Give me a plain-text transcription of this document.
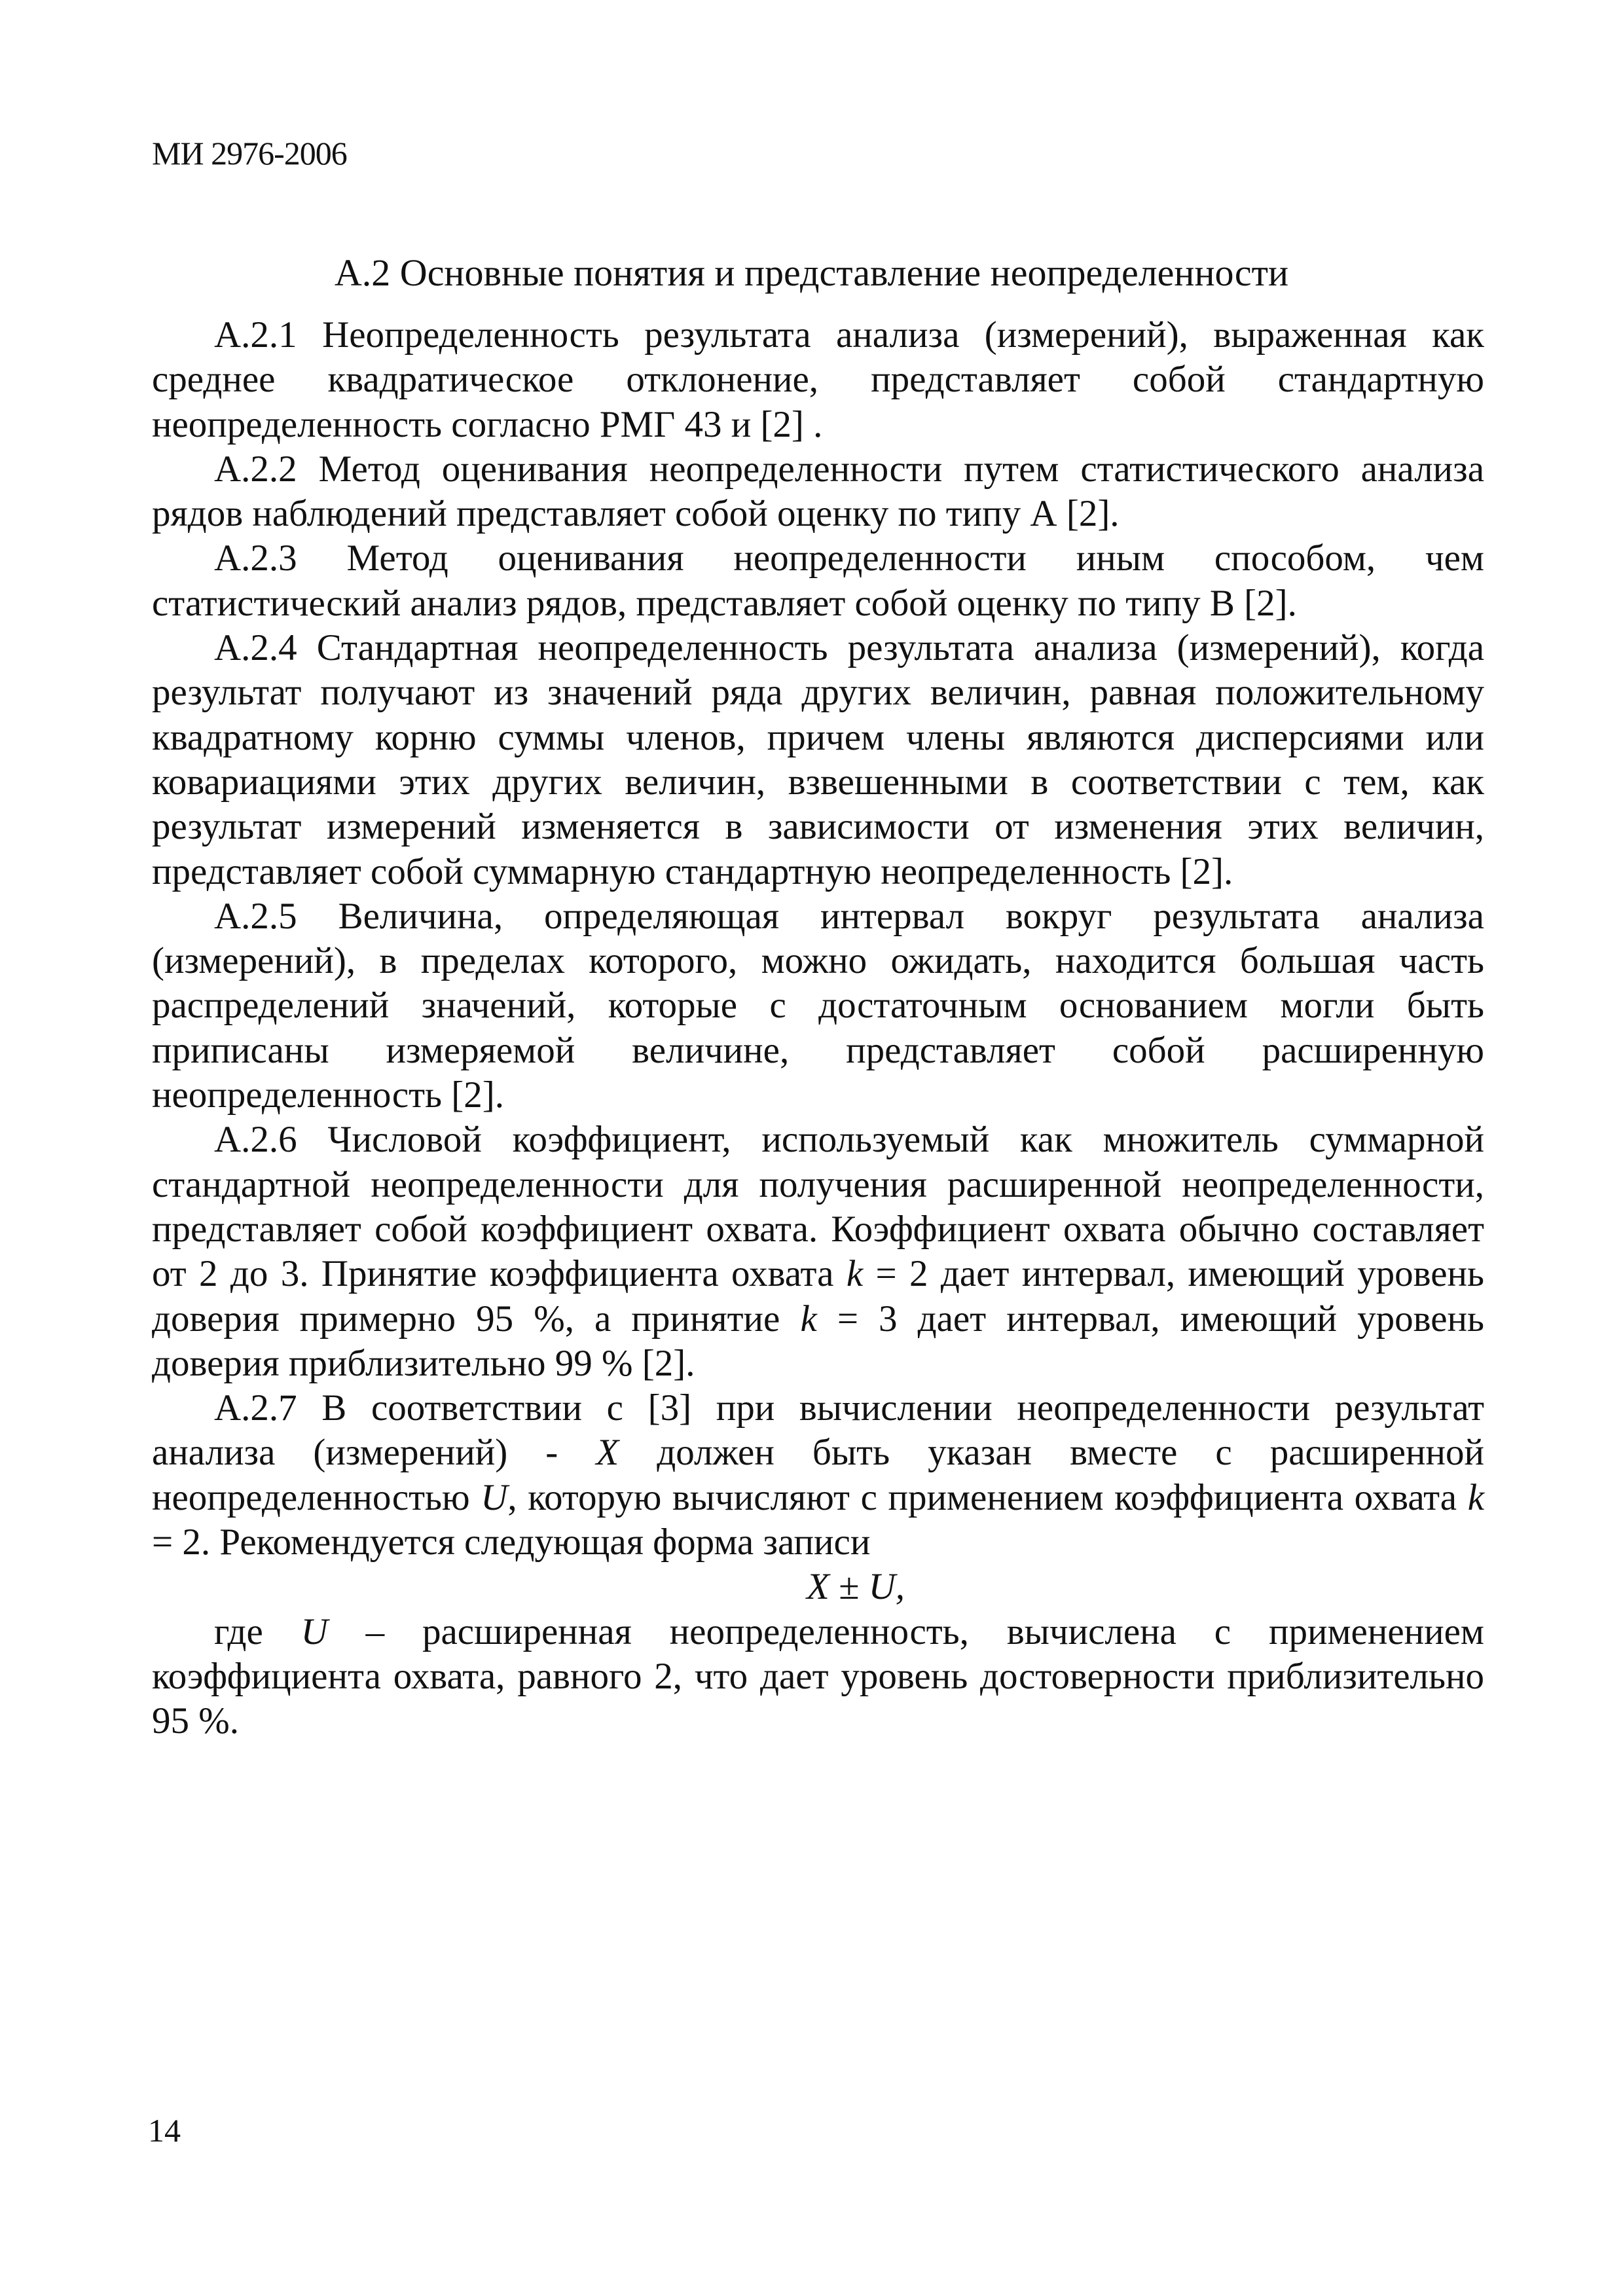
МИ 2976-2006
А.2 Основные понятия и представление неопределенности

А.2.1 Неопределенность результата анализа (измерений), выраженная как среднее квадратическое отклонение, представляет собой стандартную неопределенность согласно РМГ 43 и [2] .

А.2.2 Метод оценивания неопределенности путем статистического анализа рядов наблюдений представляет собой оценку по типу А [2].

А.2.3 Метод оценивания неопределенности иным способом, чем статистический анализ рядов, представляет собой оценку по типу В [2].

А.2.4 Стандартная неопределенность результата анализа (измерений), когда результат получают из значений ряда других величин, равная положительному квадратному корню суммы членов, причем члены являются дисперсиями или ковариациями этих других величин, взвешенными в соответствии с тем, как результат измерений изменяется в зависимости от изменения этих величин, представляет собой суммарную стандартную неопределенность [2].

А.2.5 Величина, определяющая интервал вокруг результата анализа (измерений), в пределах которого, можно ожидать, находится большая часть распределений значений, которые с достаточным основанием могли быть приписаны измеряемой величине, представляет собой расширенную неопределенность [2].

А.2.6 Числовой коэффициент, используемый как множитель суммарной стандартной неопределенности для получения расширенной неопределенности, представляет собой коэффициент охвата. Коэффициент охвата обычно составляет от 2 до 3. Принятие коэффициента охвата k = 2 дает интервал, имеющий уровень доверия примерно 95 %, а принятие k = 3 дает интервал, имеющий уровень доверия приблизительно 99 % [2].

А.2.7 В соответствии с [3] при вычислении неопределенности результат анализа (измерений) - X должен быть указан вместе с расширенной неопределенностью U, которую вычисляют с применением коэффициента охвата k = 2. Рекомендуется следующая форма записи

X ± U,

где U – расширенная неопределенность, вычислена с применением коэффициента охвата, равного 2, что дает уровень достоверности приблизительно 95 %.

14
